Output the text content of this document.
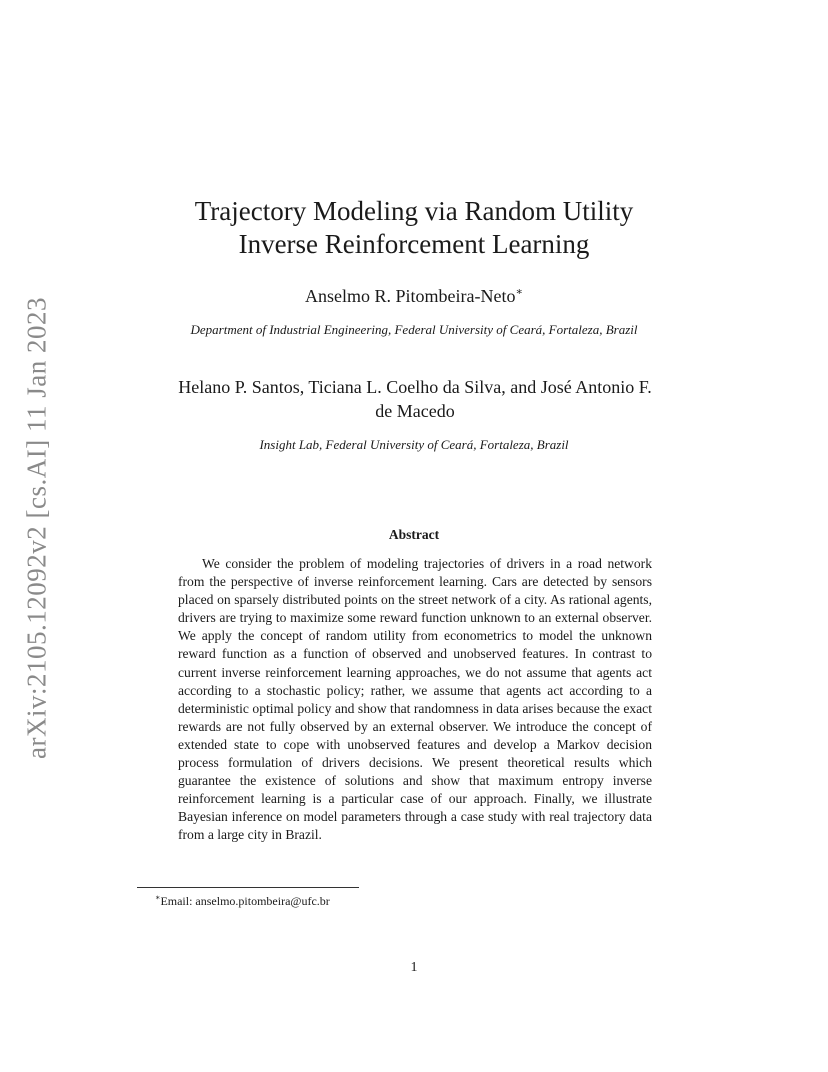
arXiv:2105.12092v2 [cs.AI] 11 Jan 2023
Trajectory Modeling via Random Utility
Inverse Reinforcement Learning
Anselmo R. Pitombeira-Neto∗
Department of Industrial Engineering, Federal University of Ceará, Fortaleza, Brazil
Helano P. Santos, Ticiana L. Coelho da Silva, and José Antonio F.
de Macedo
Insight Lab, Federal University of Ceará, Fortaleza, Brazil
Abstract

We consider the problem of modeling trajectories of drivers in a road network from the perspective of inverse reinforcement learning. Cars are detected by sensors placed on sparsely distributed points on the street network of a city. As rational agents, drivers are trying to maximize some reward function unknown to an external observer. We apply the concept of random utility from econometrics to model the unknown reward function as a function of observed and unobserved features. In contrast to current inverse reinforcement learning approaches, we do not assume that agents act according to a stochastic policy; rather, we assume that agents act according to a deterministic optimal policy and show that randomness in data arises because the exact rewards are not fully observed by an external observer. We introduce the concept of extended state to cope with unobserved features and develop a Markov decision process formulation of drivers decisions. We present theoretical results which guarantee the existence of solutions and show that maximum entropy inverse reinforcement learning is a particular case of our approach. Finally, we illustrate Bayesian inference on model parameters through a case study with real trajectory data from a large city in Brazil.

∗Email: anselmo.pitombeira@ufc.br
1
